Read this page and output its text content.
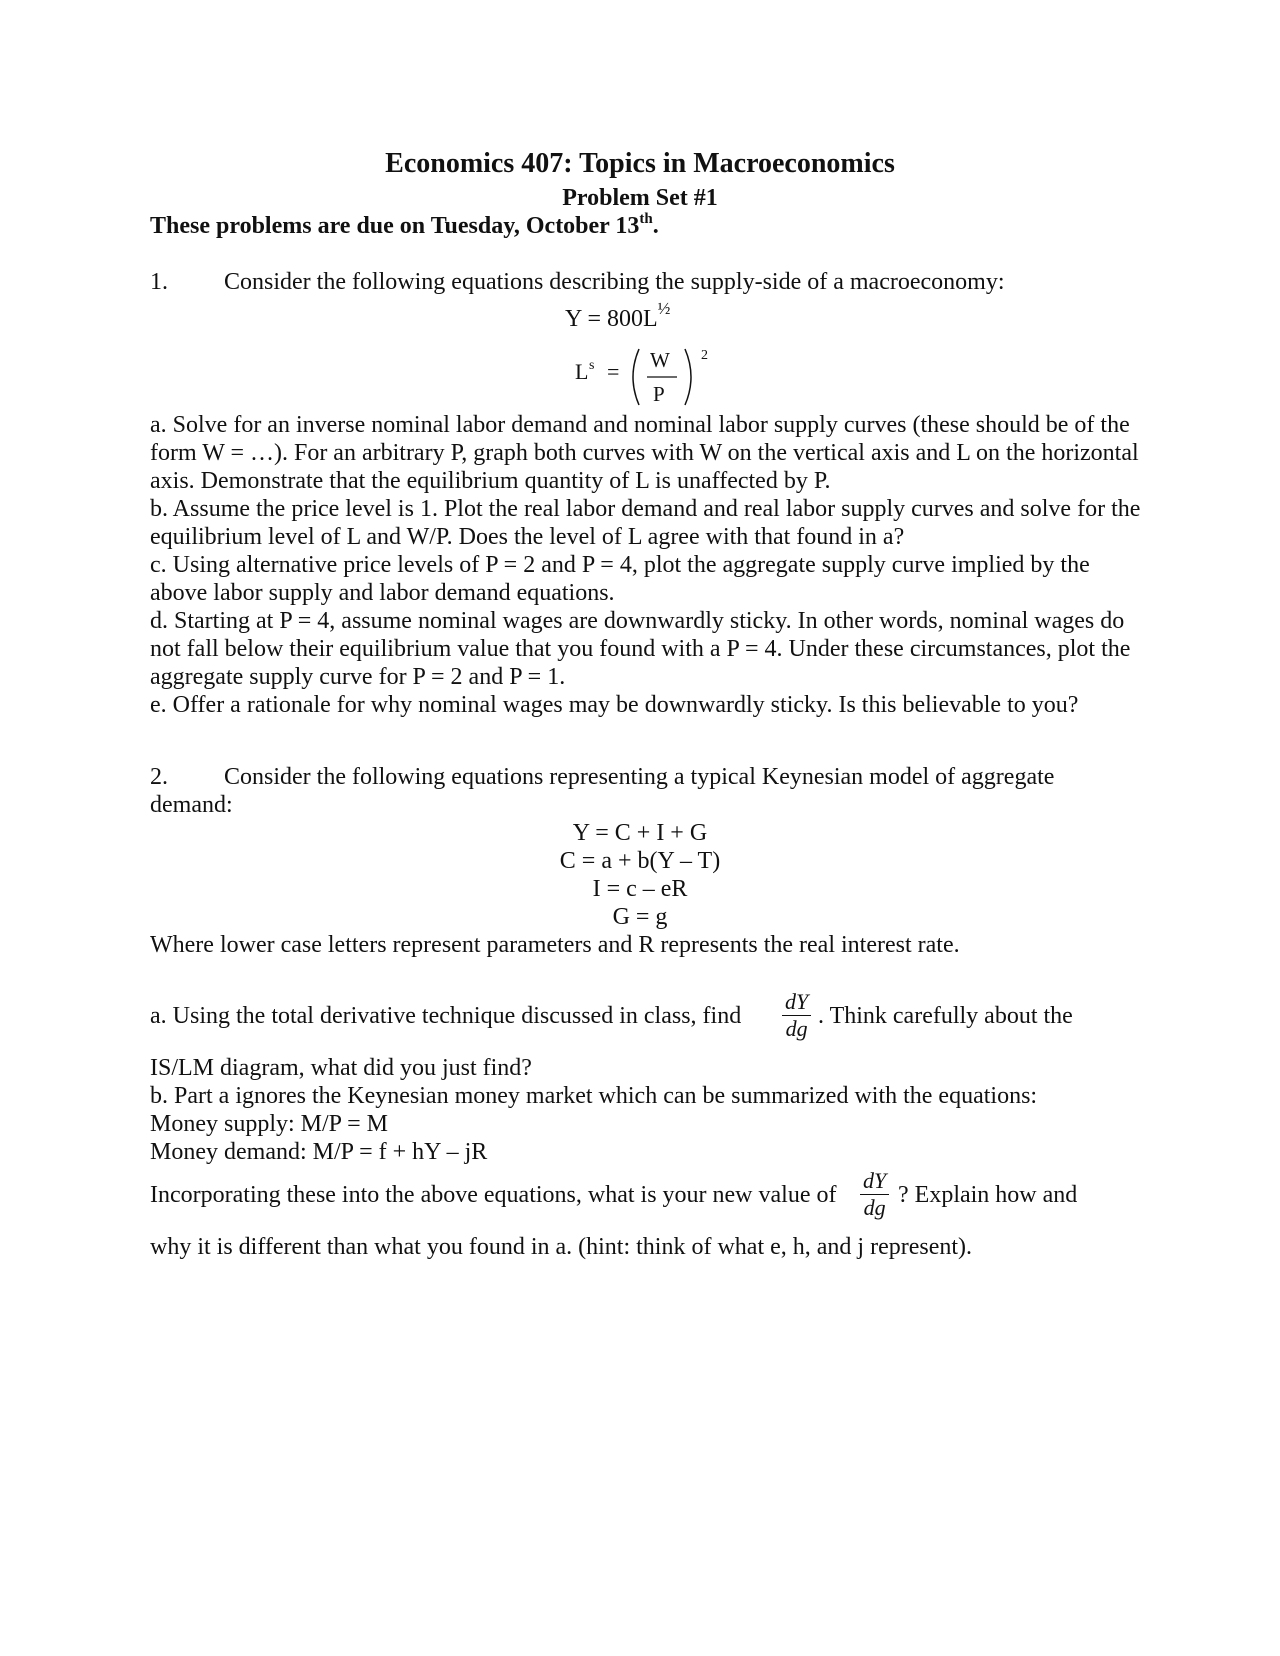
Economics 407: Topics in Macroeconomics
Problem Set #1
These problems are due on Tuesday, October 13th.
1. Consider the following equations describing the supply-side of a macroeconomy:
$Y = 800L^{\frac{1}{2}}$
L s = W
P
2
a. Solve for an inverse nominal labor demand and nominal labor supply curves (these should be of the form W = …). For an arbitrary P, graph both curves with W on the vertical axis and L on the horizontal axis. Demonstrate that the equilibrium quantity of L is unaffected by P.
b. Assume the price level is 1. Plot the real labor demand and real labor supply curves and solve for the equilibrium level of L and W/P. Does the level of L agree with that found in a?
c. Using alternative price levels of P = 2 and P = 4, plot the aggregate supply curve implied by the above labor supply and labor demand equations.
d. Starting at P = 4, assume nominal wages are downwardly sticky. In other words, nominal wages do not fall below their equilibrium value that you found with a P = 4. Under these circumstances, plot the aggregate supply curve for P = 2 and P = 1.
e. Offer a rationale for why nominal wages may be downwardly sticky. Is this believable to you?
2. Consider the following equations representing a typical Keynesian model of aggregate
demand:
Y = C + I + G
C = a + b(Y – T)
I = c – eR
G = g
Where lower case letters represent parameters and R represents the real interest rate.
a. Using the total derivative technique discussed in class, find $\frac{dY}{dg}$ . Think carefully about the
IS/LM diagram, what did you just find?
b. Part a ignores the Keynesian money market which can be summarized with the equations:
Money supply: M/P = M
Money demand: M/P = f + hY – jR
Incorporating these into the above equations, what is your new value of $\frac{dY}{dg}$ ? Explain how and
why it is different than what you found in a. (hint: think of what e, h, and j represent).
